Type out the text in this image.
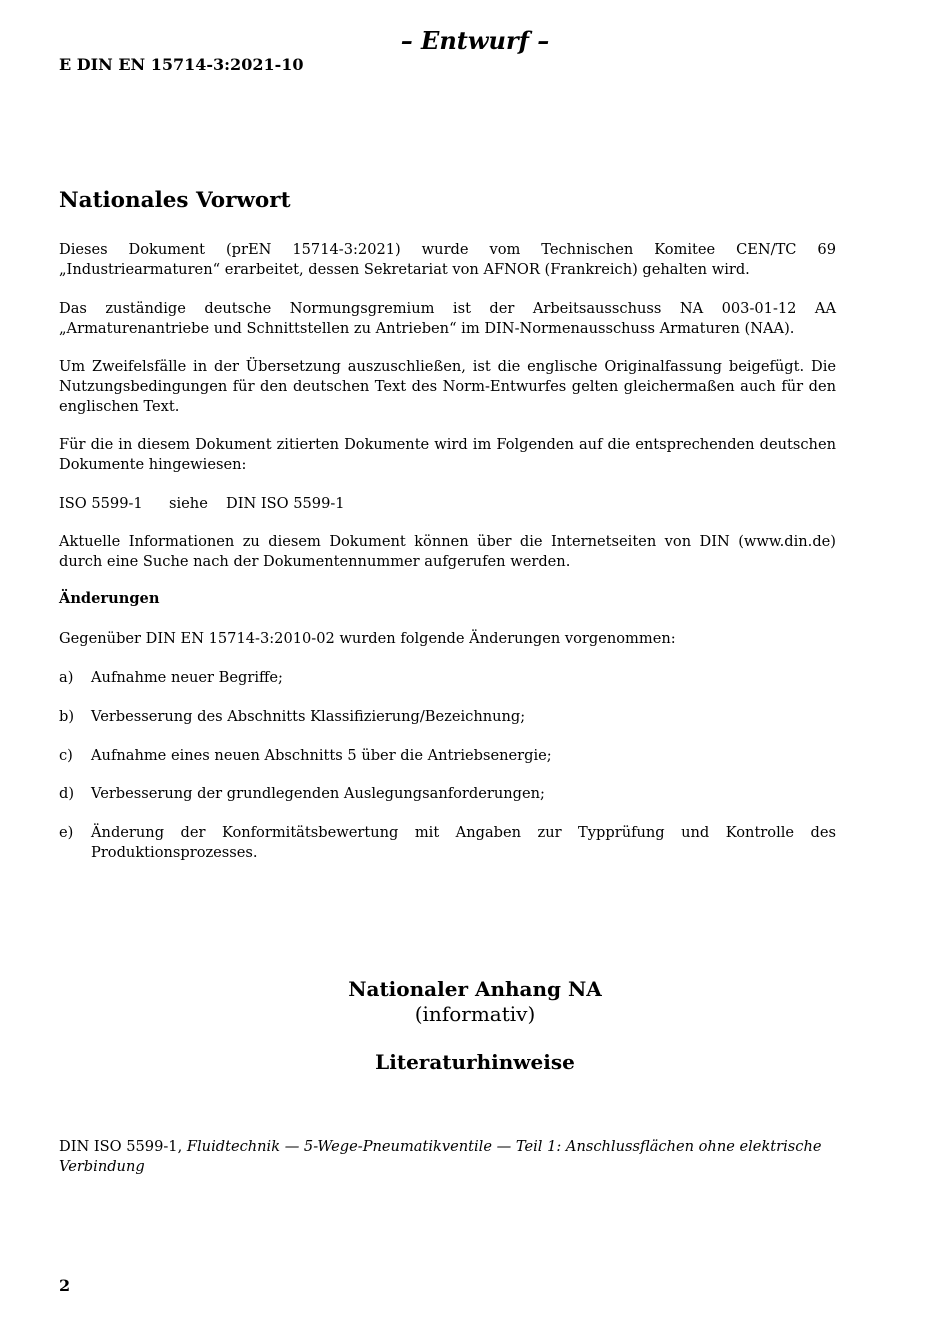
– Entwurf –
E DIN EN 15714-3:2021-10
Nationales Vorwort
Dieses Dokument (prEN 15714-3:2021) wurde vom Technischen Komitee CEN/TC 69 „Industriearmaturen“ erarbeitet, dessen Sekretariat von AFNOR (Frankreich) gehalten wird.
Das zuständige deutsche Normungsgremium ist der Arbeitsausschuss NA 003-01-12 AA „Armaturenantriebe und Schnittstellen zu Antrieben“ im DIN-Normenausschuss Armaturen (NAA).
Um Zweifelsfälle in der Übersetzung auszuschließen, ist die englische Originalfassung beigefügt. Die Nutzungsbedingungen für den deutschen Text des Norm-Entwurfes gelten gleichermaßen auch für den englischen Text.
Für die in diesem Dokument zitierten Dokumente wird im Folgenden auf die entsprechenden deutschen Dokumente hingewiesen:
ISO 5599-1 siehe DIN ISO 5599-1
Aktuelle Informationen zu diesem Dokument können über die Internetseiten von DIN (www.din.de) durch eine Suche nach der Dokumentennummer aufgerufen werden.
Änderungen
Gegenüber DIN EN 15714-3:2010-02 wurden folgende Änderungen vorgenommen:
a) Aufnahme neuer Begriffe;
b) Verbesserung des Abschnitts Klassifizierung/Bezeichnung;
c) Aufnahme eines neuen Abschnitts 5 über die Antriebsenergie;
d) Verbesserung der grundlegenden Auslegungsanforderungen;
e) Änderung der Konformitätsbewertung mit Angaben zur Typprüfung und Kontrolle des Produktionsprozesses.
Nationaler Anhang NA
(informativ)
Literaturhinweise
DIN ISO 5599-1, Fluidtechnik — 5-Wege-Pneumatikventile — Teil 1: Anschlussflächen ohne elektrische Verbindung
2
